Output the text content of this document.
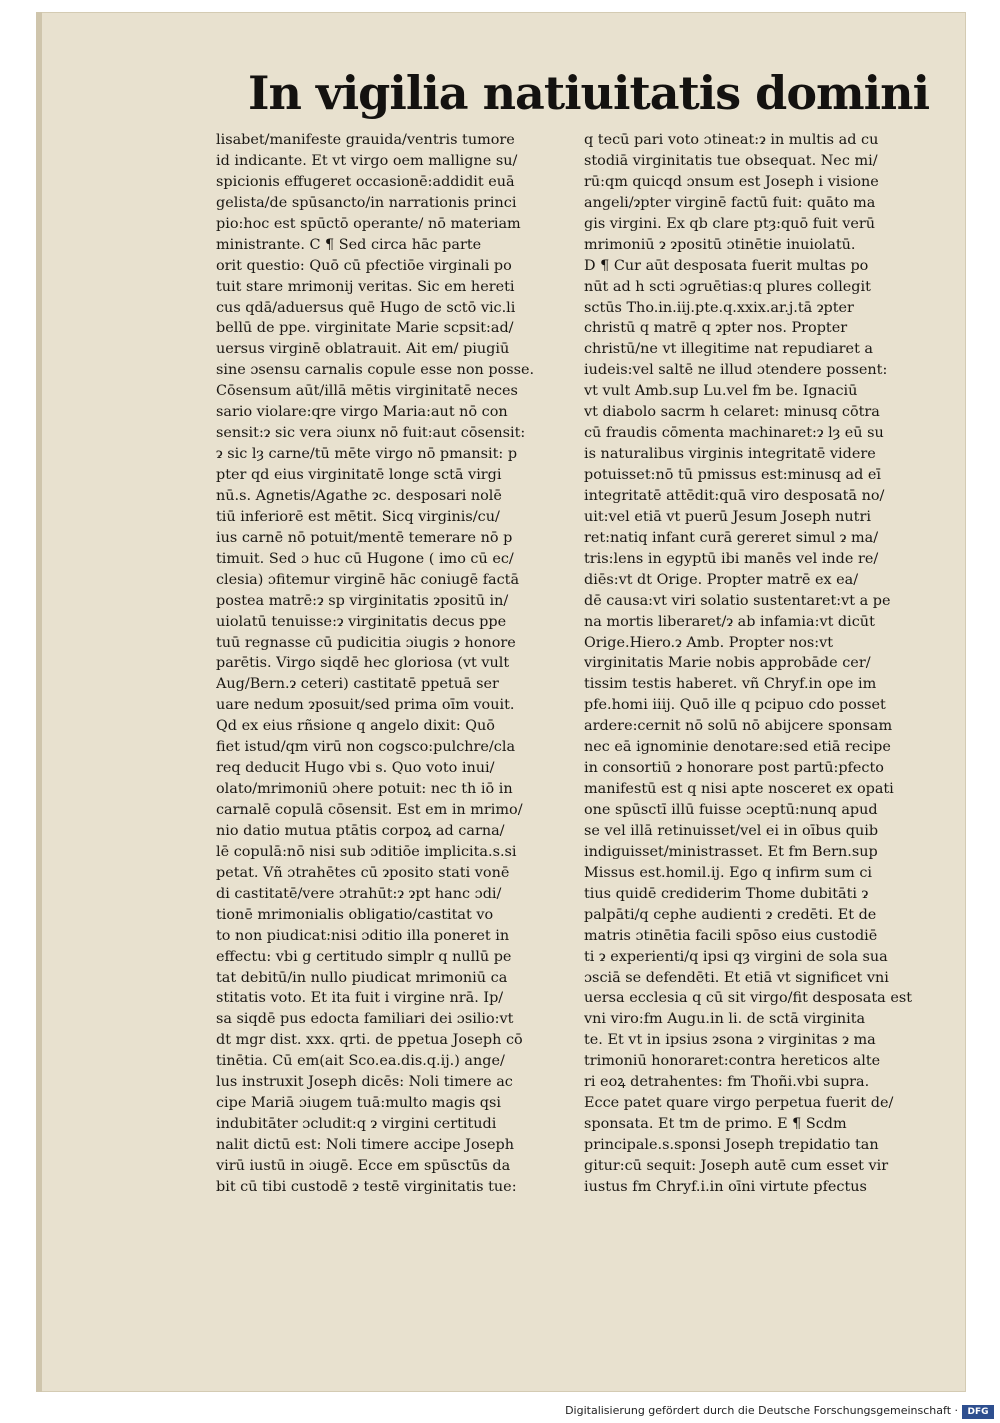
In vigilia natiuitatis domini
lisabet/manifeste grauida/ventris tumore
id indicante. Et vt virgo oem malligne su/
spicionis effugeret occasionē:addidit euā
gelista/de spūsancto/in narrationis princi
pio:hoc est spūctō operante/ nō materiam
ministrante. C ¶ Sed circa hāc parte
orit questio: Quō cū pfectiōe virginali po
tuit stare mrimonij veritas. Sic em hereti
cus qdā/aduersus quē Hugo de sctō vic.li
bellū de ppe. virginitate Marie scpsit:ad/
uersus virginē oblatrauit. Ait em/ piugiū
sine ɔsensu carnalis copule esse non posse.
Cōsensum aūt/illā mētis virginitatē neces
sario violare:qre virgo Maria:aut nō con
sensit:ɂ sic vera ɔiunx nō fuit:aut cōsensit:
ɂ sic lȝ carne/tū mēte virgo nō pmansit: p
pter qd eius virginitatē longe sctā virgi
nū.s. Agnetis/Agathe ɂc. desposari nolē
tiū inferiorē est mētit. Sicq virginis/cu/
ius carnē nō potuit/mentē temerare nō p
timuit. Sed ɔ huc cū Hugone ( imo cū ec/
clesia) ɔfitemur virginē hāc coniugē factā
postea matrē:ɂ sp virginitatis ɂpositū in/
uiolatū tenuisse:ɂ virginitatis decus ppe
tuū regnasse cū pudicitia ɔiugis ɂ honore
parētis. Virgo siqdē hec gloriosa (vt vult
Aug/Bern.ɂ ceteri) castitatē ppetuā ser
uare nedum ɂposuit/sed prima oīm vouit.
Qd ex eius rñsione q angelo dixit: Quō
fiet istud/qm virū non cogsco:pulchre/cla
req deducit Hugo vbi s. Quo voto inui/
olato/mrimoniū ɔhere potuit: nec th iō in
carnalē copulā cōsensit. Est em in mrimo/
nio datio mutua ptātis corpoꝝ ad carna/
lē copulā:nō nisi sub ɔditiōe implicita.s.si
petat. Vñ ɔtrahētes cū ɂposito stati vonē
di castitatē/vere ɔtrahūt:ɂ ɂpt hanc ɔdi/
tionē mrimonialis obligatio/castitat vo
to non piudicat:nisi ɔditio illa poneret in
effectu: vbi g certitudo simplr q nullū pe
tat debitū/in nullo piudicat mrimoniū ca
stitatis voto. Et ita fuit i virgine nrā. Ip/
sa siqdē pus edocta familiari dei ɔsilio:vt
dt mgr dist. xxx. qrti. de ppetua Joseph cō
tinētia. Cū em(ait Sco.ea.dis.q.ij.) ange/
lus instruxit Joseph dicēs: Noli timere ac
cipe Mariā ɔiugem tuā:multo magis qsi
indubitāter ɔcludit:q ɂ virgini certitudi
nalit dictū est: Noli timere accipe Joseph
virū iustū in ɔiugē. Ecce em spūsctūs da
bit cū tibi custodē ɂ testē virginitatis tue:
q tecū pari voto ɔtineat:ɂ in multis ad cu
stodiā virginitatis tue obsequat. Nec mi/
rū:qm quicqd ɔnsum est Joseph i visione
angeli/ɂpter virginē factū fuit: quāto ma
gis virgini. Ex qb clare ptȝ:quō fuit verū
mrimoniū ɂ ɂpositū ɔtinētie inuiolatū.
D ¶ Cur aūt desposata fuerit multas po
nūt ad h scti ɔgruētias:q plures collegit
sctūs Tho.in.iij.pte.q.xxix.ar.j.tā ɂpter
christū q matrē q ɂpter nos. Propter
christū/ne vt illegitime nat repudiaret a
iudeis:vel saltē ne illud ɔtendere possent:
vt vult Amb.sup Lu.vel fm be. Ignaciū
vt diabolo sacrm h celaret: minusq cōtra
cū fraudis cōmenta machinaret:ɂ lȝ eū su
is naturalibus virginis integritatē videre
potuisset:nō tū pmissus est:minusq ad eī
integritatē attēdit:quā viro desposatā no/
uit:vel etiā vt puerū Jesum Joseph nutri
ret:natiq infant curā gereret simul ɂ ma/
tris:lens in egyptū ibi manēs vel inde re/
diēs:vt dt Orige. Propter matrē ex ea/
dē causa:vt viri solatio sustentaret:vt a pe
na mortis liberaret/ɂ ab infamia:vt dicūt
Orige.Hiero.ɂ Amb. Propter nos:vt
virginitatis Marie nobis approbāde cer/
tissim testis haberet. vñ Chryf.in ope im
pfe.homi iiij. Quō ille q pcipuo cdo posset
ardere:cernit nō solū nō abijcere sponsam
nec eā ignominie denotare:sed etiā recipe
in consortiū ɂ honorare post partū:pfecto
manifestū est q nisi apte nosceret ex opati
one spūsctī illū fuisse ɔceptū:nunq apud
se vel illā retinuisset/vel ei in oībus quib
indiguisset/ministrasset. Et fm Bern.sup
Missus est.homil.ij. Ego q infirm sum ci
tius quidē crediderim Thome dubitāti ɂ
palpāti/q cephe audienti ɂ credēti. Et de
matris ɔtinētia facili spōso eius custodiē
ti ɂ experienti/q ipsi qȝ virgini de sola sua
ɔsciā se defendēti. Et etiā vt significet vni
uersa ecclesia q cū sit virgo/fit desposata est
vni viro:fm Augu.in li. de sctā virginita
te. Et vt in ipsius ɂsona ɂ virginitas ɂ ma
trimoniū honoraret:contra hereticos alte
ri eoꝝ detrahentes: fm Thoñi.vbi supra.
Ecce patet quare virgo perpetua fuerit de/
sponsata. Et tm de primo. E ¶ Scdm
principale.s.sponsi Joseph trepidatio tan
gitur:cū sequit: Joseph autē cum esset vir
iustus fm Chryf.i.in oīni virtute pfectus
Digitalisierung gefördert durch die Deutsche Forschungsgemeinschaft ·	DFG
